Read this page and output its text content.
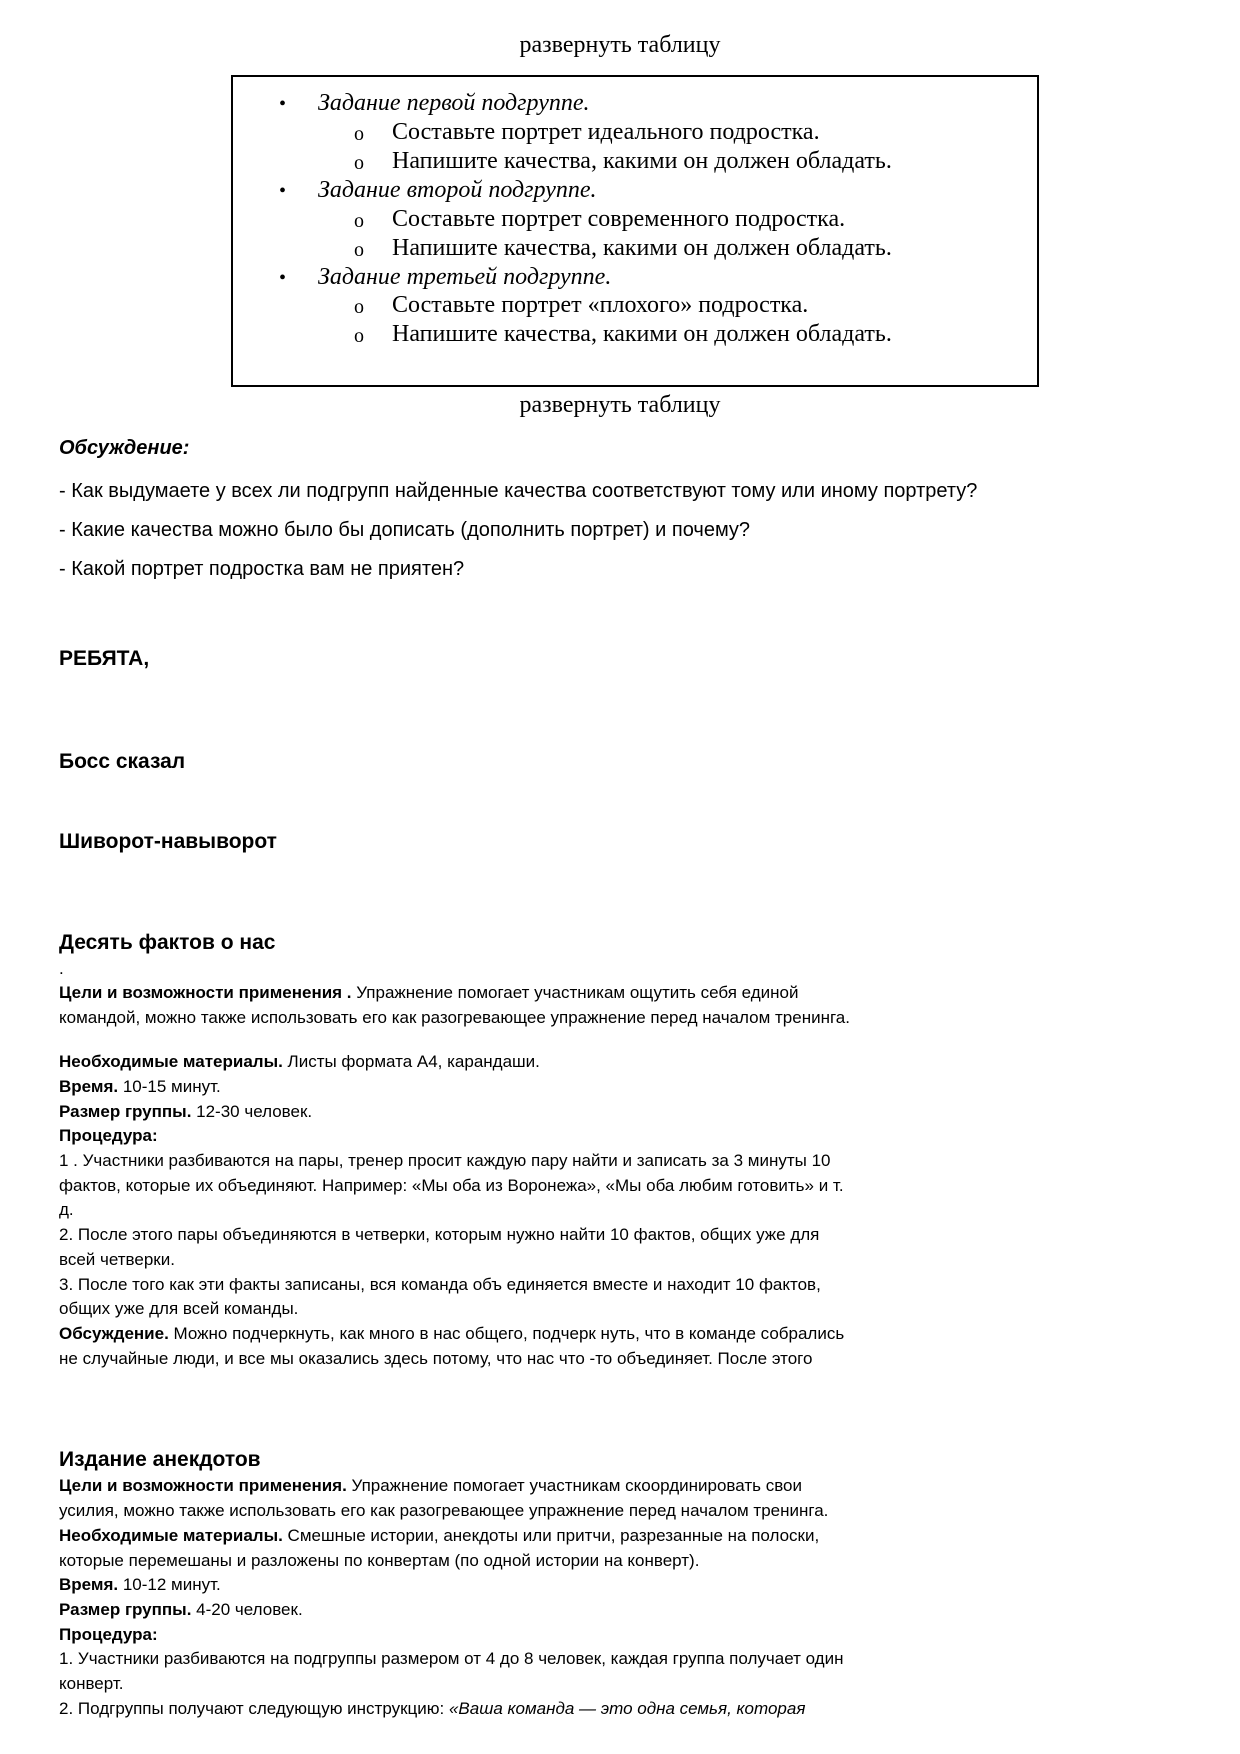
развернуть таблицу
• Задание первой подгруппе.
o Составьте портрет идеального подростка.
o Напишите качества, какими он должен обладать.
• Задание второй подгруппе.
o Составьте портрет современного подростка.
o Напишите качества, какими он должен обладать.
• Задание третьей подгруппе.
o Составьте портрет «плохого» подростка.
o Напишите качества, какими он должен обладать.
развернуть таблицу
Обсуждение:
- Как выдумаете у всех ли подгрупп найденные качества соответствуют тому или иному портрету?
- Какие качества можно было бы дописать (дополнить портрет) и почему?
- Какой портрет подростка вам не приятен?
РЕБЯТА,
Босс сказал
Шиворот-навыворот
Десять фактов о нас
.
Цели и возможности применения . Упражнение помогает участникам ощутить себя единой
командой, можно также использовать его как разогревающее упражнение перед началом тренинга.
Необходимые материалы. Листы формата А4, карандаши.
Время. 10-15 минут.
Размер группы. 12-30 человек.
Процедура:
1 . Участники разбиваются на пары, тренер просит каждую пару найти и записать за 3 минуты 10
фактов, которые их объединяют. Например: «Мы оба из Воронежа», «Мы оба любим готовить» и т.
д.
2. После этого пары объединяются в четверки, которым нужно найти 10 фактов, общих уже для
всей четверки.
3. После того как эти факты записаны, вся команда объ единяется вместе и находит 10 фактов,
общих уже для всей команды.
Обсуждение. Можно подчеркнуть, как много в нас общего, подчерк нуть, что в команде собрались
не случайные люди, и все мы оказались здесь потому, что нас что -то объединяет. После этого
Издание анекдотов
Цели и возможности применения. Упражнение помогает участникам скоординировать свои
усилия, можно также использовать его как разогревающее упражнение перед началом тренинга.
Необходимые материалы. Смешные истории, анекдоты или притчи, разрезанные на полоски,
которые перемешаны и разложены по конвертам (по одной истории на конверт).
Время. 10-12 минут.
Размер группы. 4-20 человек.
Процедура:
1. Участники разбиваются на подгруппы размером от 4 до 8 человек, каждая группа получает один
конверт.
2. Подгруппы получают следующую инструкцию: «Ваша команда — это одна семья, которая
